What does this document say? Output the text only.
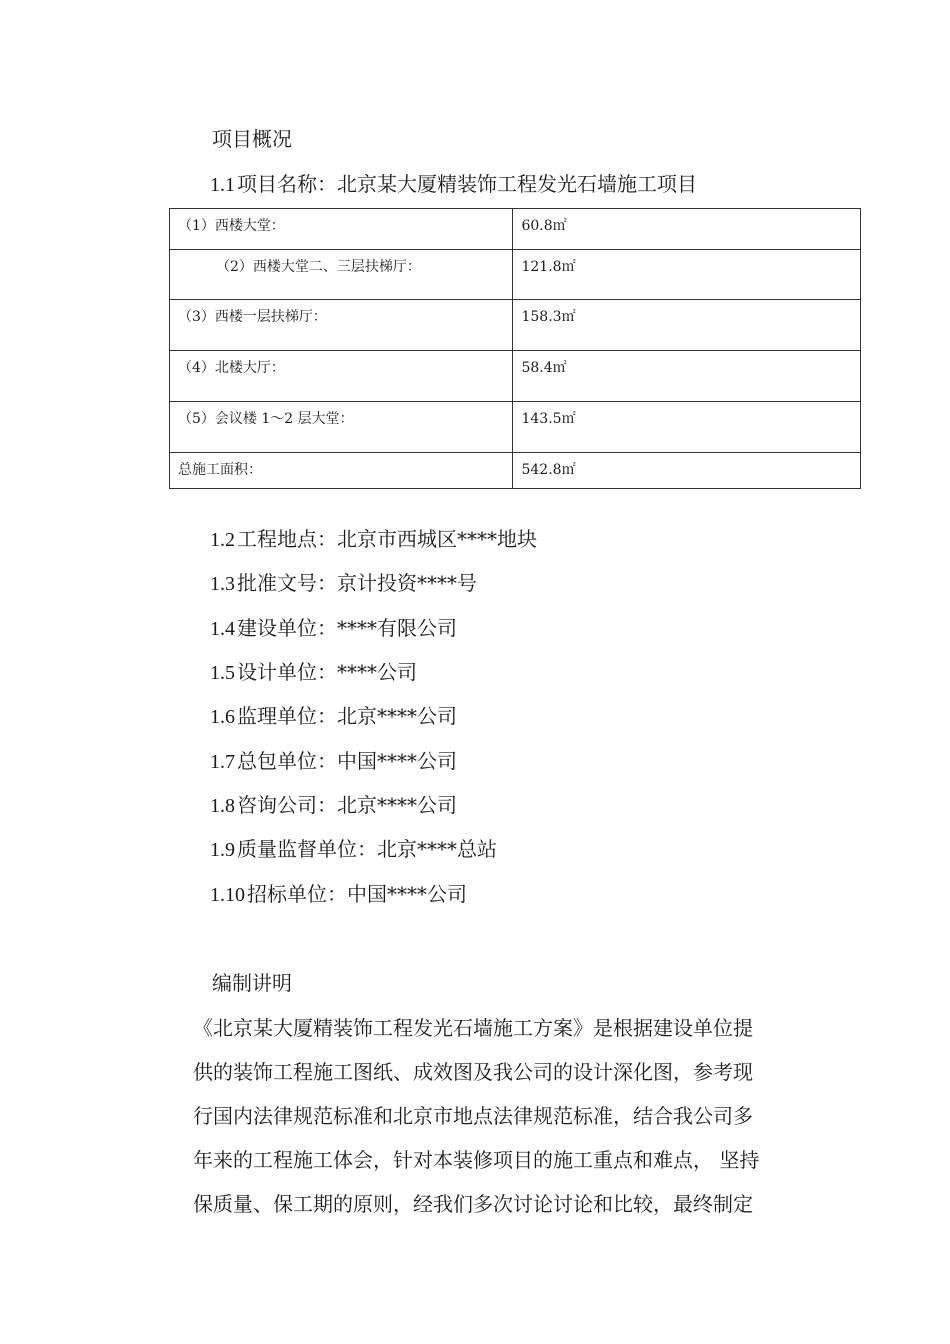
项目概况
1.1 项目名称：北京某大厦精装饰工程发光石墙施工项目
（1）西楼大堂：	60.8㎡

（2）西楼大堂二、三层扶梯厅：	121.8㎡

（3）西楼一层扶梯厅：	158.3㎡

（4）北楼大厅：	58.4㎡

（5）会议楼 1～2 层大堂：	143.5㎡

总施工面积：	542.8㎡
1.2 工程地点：北京市西城区****地块
1.3 批准文号：京计投资****号
1.4 建设单位：****有限公司
1.5 设计单位：****公司
1.6 监理单位：北京****公司
1.7 总包单位：中国****公司
1.8 咨询公司：北京****公司
1.9 质量监督单位：北京****总站
1.10 招标单位：中国****公司
编制讲明

《北京某大厦精装饰工程发光石墙施工方案》是根据建设单位提

供的装饰工程施工图纸、成效图及我公司的设计深化图，参考现

行国内法律规范标准和北京市地点法律规范标准，结合我公司多

年来的工程施工体会，针对本装修项目的施工重点和难点， 坚持

保质量、保工期的原则，经我们多次讨论讨论和比较，最终制定
